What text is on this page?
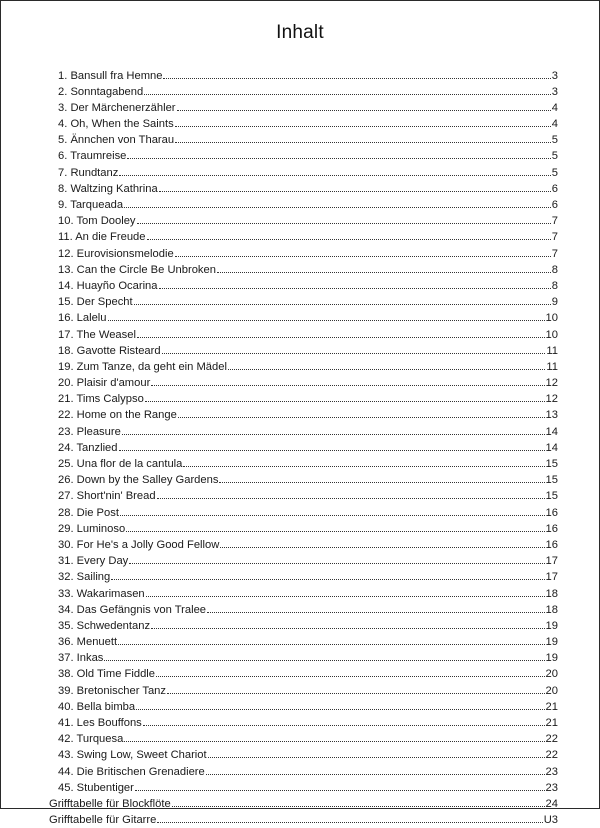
Inhalt
1. Bansull fra Hemne	3
2. Sonntagabend	3
3. Der Märchenerzähler	4
4. Oh, When the Saints	4
5. Ännchen von Tharau	5
6. Traumreise	5
7. Rundtanz	5
8. Waltzing Kathrina	6
9. Tarqueada	6
10. Tom Dooley	7
11. An die Freude	7
12. Eurovisionsmelodie	7
13. Can the Circle Be Unbroken	8
14. Huayño Ocarina	8
15. Der Specht	9
16. Lalelu	10
17. The Weasel	10
18. Gavotte Risteard	11
19. Zum Tanze, da geht ein Mädel	11
20. Plaisir d'amour	12
21. Tims Calypso	12
22. Home on the Range	13
23. Pleasure	14
24. Tanzlied	14
25. Una flor de la cantula	15
26. Down by the Salley Gardens	15
27. Short'nin' Bread	15
28. Die Post	16
29. Luminoso	16
30. For He's a Jolly Good Fellow	16
31. Every Day	17
32. Sailing	17
33. Wakarimasen	18
34. Das Gefängnis von Tralee	18
35. Schwedentanz	19
36. Menuett	19
37. Inkas	19
38. Old Time Fiddle	20
39. Bretonischer Tanz	20
40. Bella bimba	21
41. Les Bouffons	21
42. Turquesa	22
43. Swing Low, Sweet Chariot	22
44. Die Britischen Grenadiere	23
45. Stubentiger	23
Grifftabelle für Blockflöte	24
Grifftabelle für Gitarre	U3
